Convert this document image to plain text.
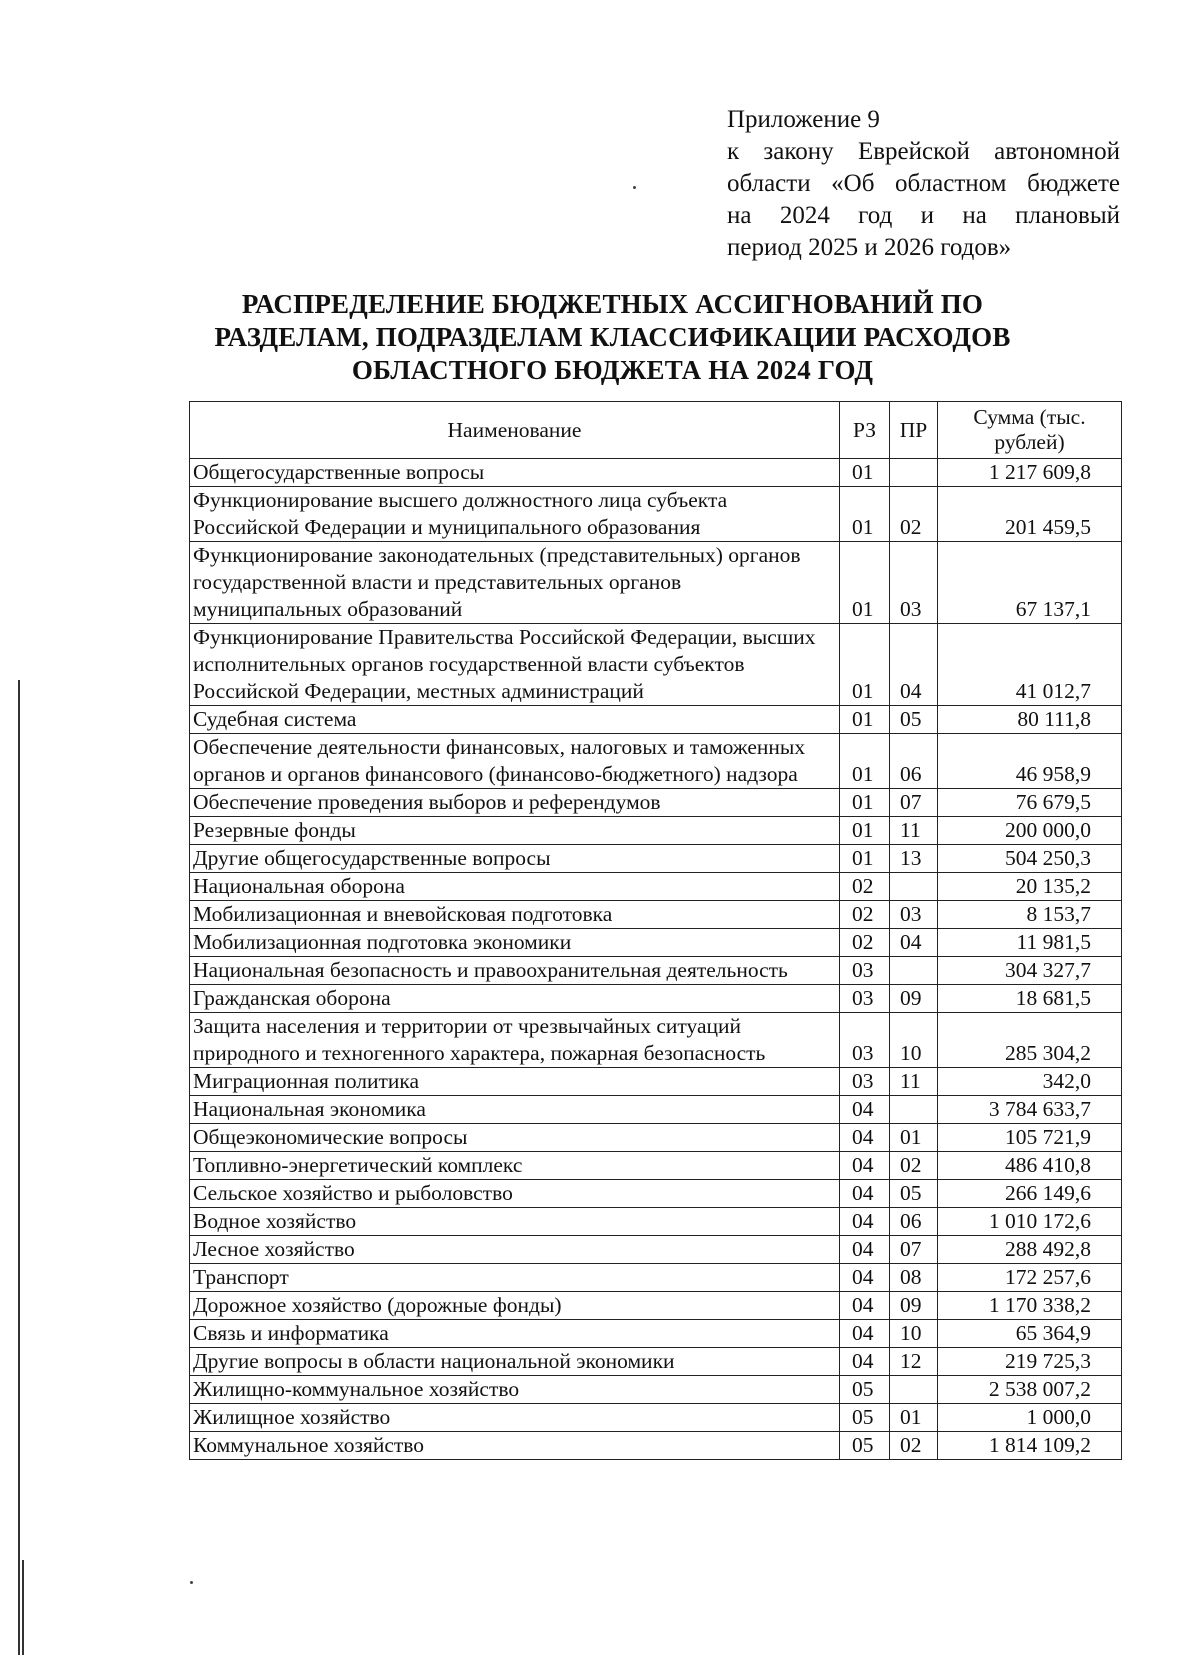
Приложение 9
к закону Еврейской автономной
области «Об областном бюджете
на 2024 год и на плановый
период 2025 и 2026 годов»
РАСПРЕДЕЛЕНИЕ БЮДЖЕТНЫХ АССИГНОВАНИЙ ПО
РАЗДЕЛАМ, ПОДРАЗДЕЛАМ КЛАССИФИКАЦИИ РАСХОДОВ
ОБЛАСТНОГО БЮДЖЕТА НА 2024 ГОД
Наименование	РЗ	ПР	Сумма (тыс. рублей)
Общегосударственные вопросы	01		1 217 609,8
Функционирование высшего должностного лица субъекта Российской Федерации и муниципального образования	01	02	201 459,5
Функционирование законодательных (представительных) органов государственной власти и представительных органов муниципальных образований	01	03	67 137,1
Функционирование Правительства Российской Федерации, высших исполнительных органов государственной власти субъектов Российской Федерации, местных администраций	01	04	41 012,7
Судебная система	01	05	80 111,8
Обеспечение деятельности финансовых, налоговых и таможенных органов и органов финансового (финансово-бюджетного) надзора	01	06	46 958,9
Обеспечение проведения выборов и референдумов	01	07	76 679,5
Резервные фонды	01	11	200 000,0
Другие общегосударственные вопросы	01	13	504 250,3
Национальная оборона	02		20 135,2
Мобилизационная и вневойсковая подготовка	02	03	8 153,7
Мобилизационная подготовка экономики	02	04	11 981,5
Национальная безопасность и правоохранительная деятельность	03		304 327,7
Гражданская оборона	03	09	18 681,5
Защита населения и территории от чрезвычайных ситуаций природного и техногенного характера, пожарная безопасность	03	10	285 304,2
Миграционная политика	03	11	342,0
Национальная экономика	04		3 784 633,7
Общеэкономические вопросы	04	01	105 721,9
Топливно-энергетический комплекс	04	02	486 410,8
Сельское хозяйство и рыболовство	04	05	266 149,6
Водное хозяйство	04	06	1 010 172,6
Лесное хозяйство	04	07	288 492,8
Транспорт	04	08	172 257,6
Дорожное хозяйство (дорожные фонды)	04	09	1 170 338,2
Связь и информатика	04	10	65 364,9
Другие вопросы в области национальной экономики	04	12	219 725,3
Жилищно-коммунальное хозяйство	05		2 538 007,2
Жилищное хозяйство	05	01	1 000,0
Коммунальное хозяйство	05	02	1 814 109,2
